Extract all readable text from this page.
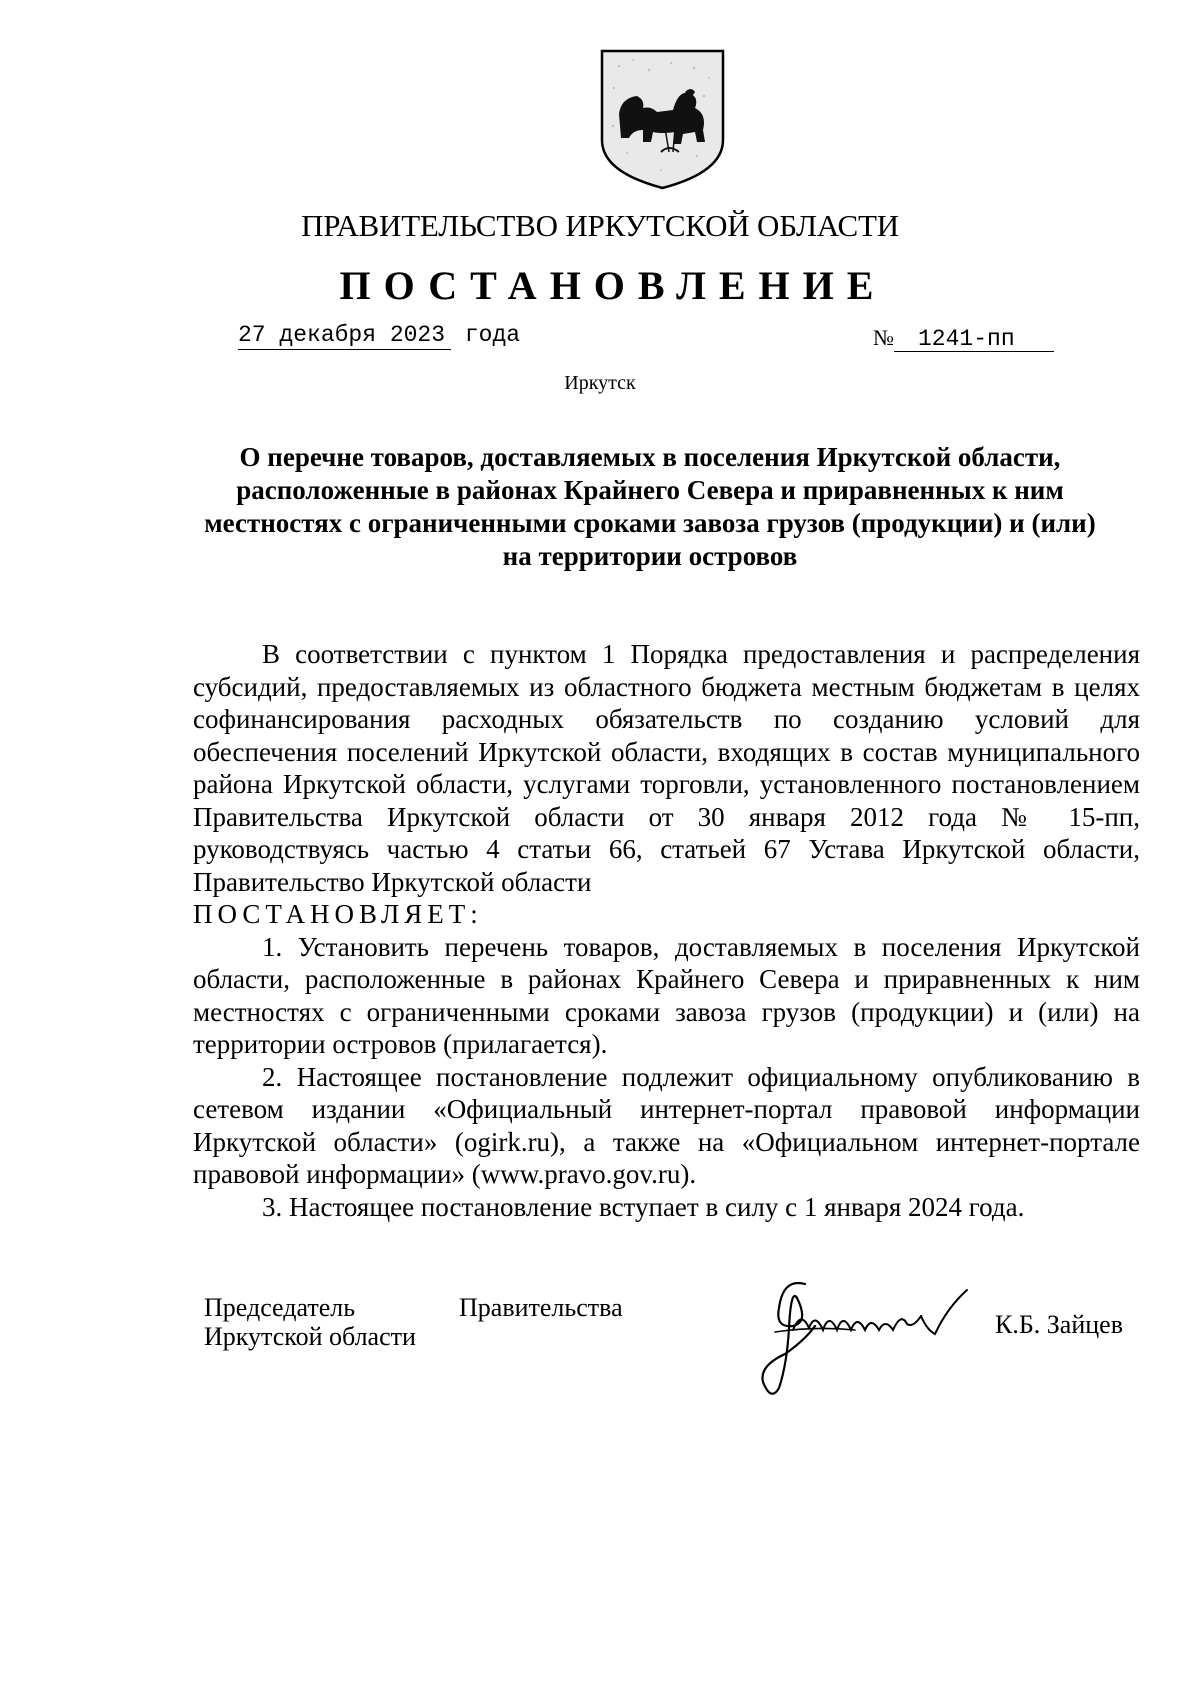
ПРАВИТЕЛЬСТВО ИРКУТСКОЙ ОБЛАСТИ
ПОСТАНОВЛЕНИЕ
27 декабря 2023 года	№ 1241-пп
Иркутск
О перечне товаров, доставляемых в поселения Иркутской области,
расположенные в районах Крайнего Севера и приравненных к ним
местностях с ограниченными сроками завоза грузов (продукции) и (или)
на территории островов

В соответствии с пунктом 1 Порядка предоставления и распределения субсидий, предоставляемых из областного бюджета местным бюджетам в целях софинансирования расходных обязательств по созданию условий для обеспечения поселений Иркутской области, входящих в состав муниципального района Иркутской области, услугами торговли, установленного постановлением Правительства Иркутской области от 30 января 2012 года № 15-пп, руководствуясь частью 4 статьи 66, статьей 67 Устава Иркутской области, Правительство Иркутской области

ПОСТАНОВЛЯЕТ:

1. Установить перечень товаров, доставляемых в поселения Иркутской области, расположенные в районах Крайнего Севера и приравненных к ним местностях с ограниченными сроками завоза грузов (продукции) и (или) на территории островов (прилагается).

2. Настоящее постановление подлежит официальному опубликованию в сетевом издании «Официальный интернет-портал правовой информации Иркутской области» (ogirk.ru), а также на «Официальном интернет-портале правовой информации» (www.pravo.gov.ru).

3. Настоящее постановление вступает в силу с 1 января 2024 года.

Председатель	Правительства
Иркутской области	К.Б. Зайцев
